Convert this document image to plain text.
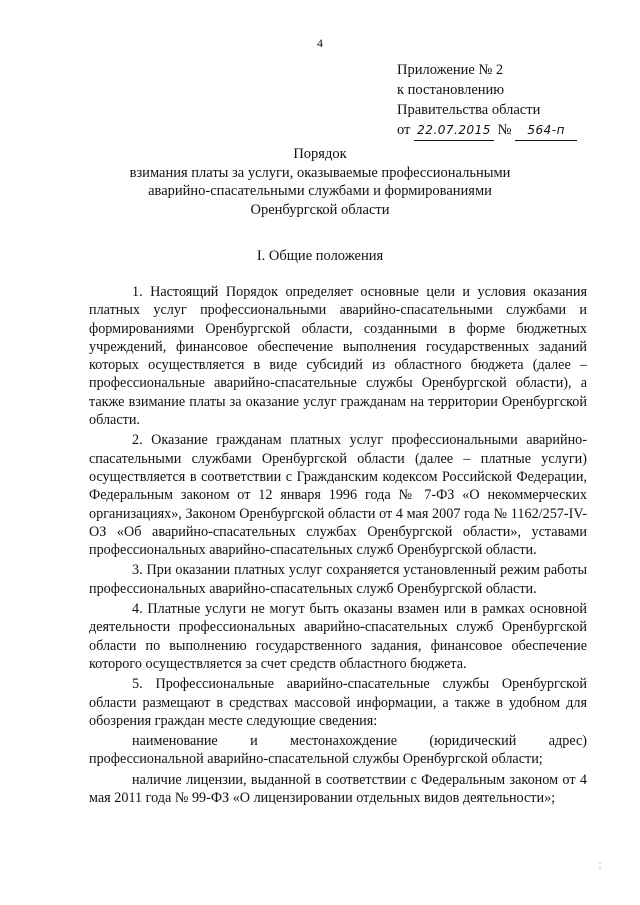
4
Приложение № 2
к постановлению
Правительства области
от 22.07.2015 № 564-п
Порядок
взимания платы за услуги, оказываемые профессиональными
аварийно-спасательными службами и формированиями
Оренбургской области
I. Общие положения

1. Настоящий Порядок определяет основные цели и условия оказания платных услуг профессиональными аварийно-спасательными службами и формированиями Оренбургской области, созданными в форме бюджетных учреждений, финансовое обеспечение выполнения государственных заданий которых осуществляется в виде субсидий из областного бюджета (далее – профессиональные аварийно-спасательные службы Оренбургской области), а также взимание платы за оказание услуг гражданам на территории Оренбургской области.

2. Оказание гражданам платных услуг профессиональными аварийно-спасательными службами Оренбургской области (далее – платные услуги) осуществляется в соответствии с Гражданским кодексом Российской Федерации, Федеральным законом от 12 января 1996 года № 7-ФЗ «О некоммерческих организациях», Законом Оренбургской области от 4 мая 2007 года № 1162/257-IV-ОЗ «Об аварийно-спасательных службах Оренбургской области», уставами профессиональных аварийно-спасательных служб Оренбургской области.

3. При оказании платных услуг сохраняется установленный режим работы профессиональных аварийно-спасательных служб Оренбургской области.

4. Платные услуги не могут быть оказаны взамен или в рамках основной деятельности профессиональных аварийно-спасательных служб Оренбургской области по выполнению государственного задания, финансовое обеспечение которого осуществляется за счет средств областного бюджета.

5. Профессиональные аварийно-спасательные службы Оренбургской области размещают в средствах массовой информации, а также в удобном для обозрения граждан месте следующие сведения:

наименование и местонахождение (юридический адрес) профессиональной аварийно-спасательной службы Оренбургской области;

наличие лицензии, выданной в соответствии с Федеральным законом от 4 мая 2011 года № 99-ФЗ «О лицензировании отдельных видов деятельности»;

⋮
